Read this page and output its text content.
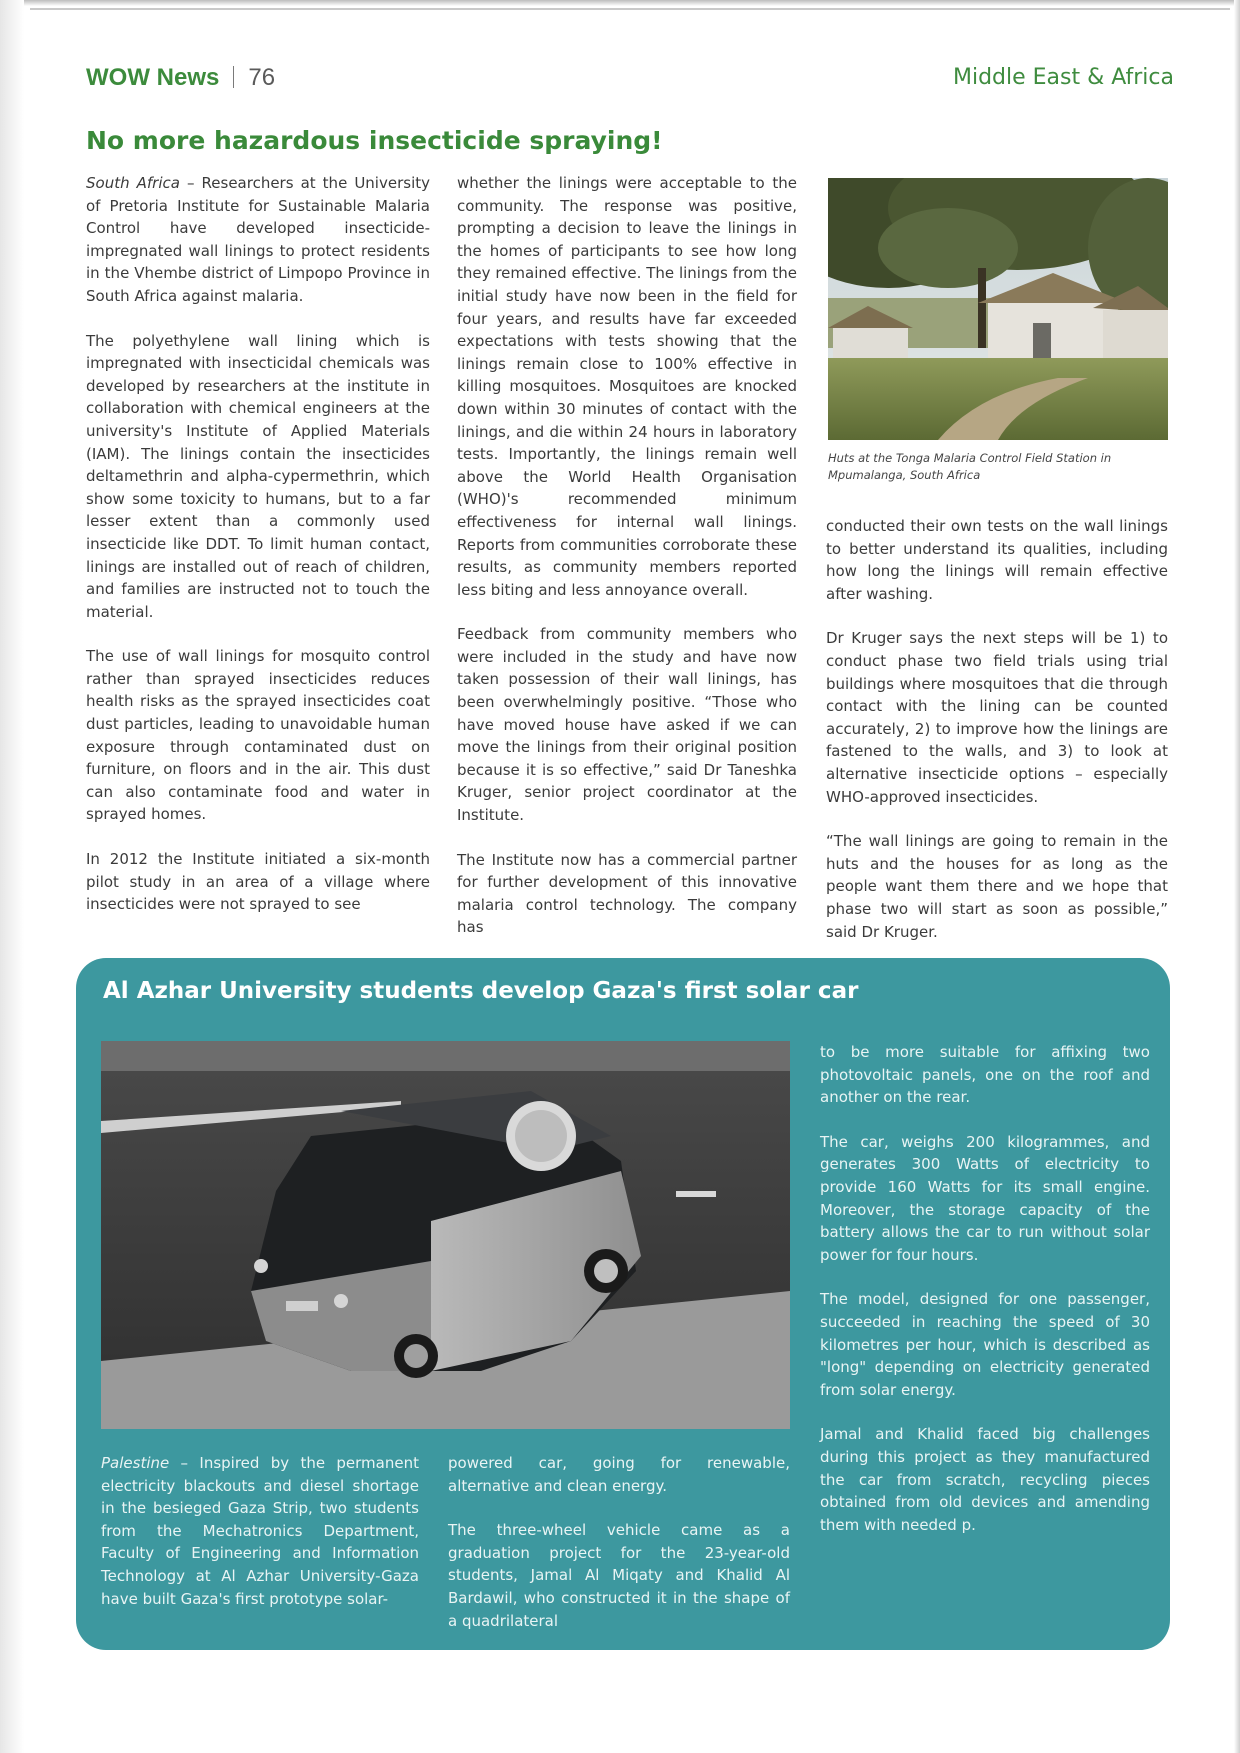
WOW News 76	Middle East & Africa
No more hazardous insecticide spraying!

South Africa – Researchers at the University of Pretoria Institute for Sustainable Malaria Control have developed insecticide-impregnated wall linings to protect residents in the Vhembe district of Limpopo Province in South Africa against malaria.

The polyethylene wall lining which is impregnated with insecticidal chemicals was developed by researchers at the institute in collaboration with chemical engineers at the university's Institute of Applied Materials (IAM). The linings contain the insecticides deltamethrin and alpha-cypermethrin, which show some toxicity to humans, but to a far lesser extent than a commonly used insecticide like DDT. To limit human contact, linings are installed out of reach of children, and families are instructed not to touch the material.

The use of wall linings for mosquito control rather than sprayed insecticides reduces health risks as the sprayed insecticides coat dust particles, leading to unavoidable human exposure through contaminated dust on furniture, on floors and in the air. This dust can also contaminate food and water in sprayed homes.

In 2012 the Institute initiated a six-month pilot study in an area of a village where insecticides were not sprayed to see

whether the linings were acceptable to the community. The response was positive, prompting a decision to leave the linings in the homes of participants to see how long they remained effective. The linings from the initial study have now been in the field for four years, and results have far exceeded expectations with tests showing that the linings remain close to 100% effective in killing mosquitoes. Mosquitoes are knocked down within 30 minutes of contact with the linings, and die within 24 hours in laboratory tests. Importantly, the linings remain well above the World Health Organisation (WHO)'s recommended minimum effectiveness for internal wall linings. Reports from communities corroborate these results, as community members reported less biting and less annoyance overall.

Feedback from community members who were included in the study and have now taken possession of their wall linings, has been overwhelmingly positive. “Those who have moved house have asked if we can move the linings from their original position because it is so effective,” said Dr Taneshka Kruger, senior project coordinator at the Institute.

The Institute now has a commercial partner for further development of this innovative malaria control technology. The company has

Huts at the Tonga Malaria Control Field Station in Mpumalanga, South Africa

conducted their own tests on the wall linings to better understand its qualities, including how long the linings will remain effective after washing.

Dr Kruger says the next steps will be 1) to conduct phase two field trials using trial buildings where mosquitoes that die through contact with the lining can be counted accurately, 2) to improve how the linings are fastened to the walls, and 3) to look at alternative insecticide options – especially WHO-approved insecticides.

“The wall linings are going to remain in the huts and the houses for as long as the people want them there and we hope that phase two will start as soon as possible,” said Dr Kruger.

Al Azhar University students develop Gaza's first solar car

Palestine – Inspired by the permanent electricity blackouts and diesel shortage in the besieged Gaza Strip, two students from the Mechatronics Department, Faculty of Engineering and Information Technology at Al Azhar University-Gaza have built Gaza's first prototype solar-

powered car, going for renewable, alternative and clean energy.

The three-wheel vehicle came as a graduation project for the 23-year-old students, Jamal Al Miqaty and Khalid Al Bardawil, who constructed it in the shape of a quadrilateral

to be more suitable for affixing two photovoltaic panels, one on the roof and another on the rear.

The car, weighs 200 kilogrammes, and generates 300 Watts of electricity to provide 160 Watts for its small engine. Moreover, the storage capacity of the battery allows the car to run without solar power for four hours.

The model, designed for one passenger, succeeded in reaching the speed of 30 kilometres per hour, which is described as "long" depending on electricity generated from solar energy.

Jamal and Khalid faced big challenges during this project as they manufactured the car from scratch, recycling pieces obtained from old devices and amending them with needed p.
